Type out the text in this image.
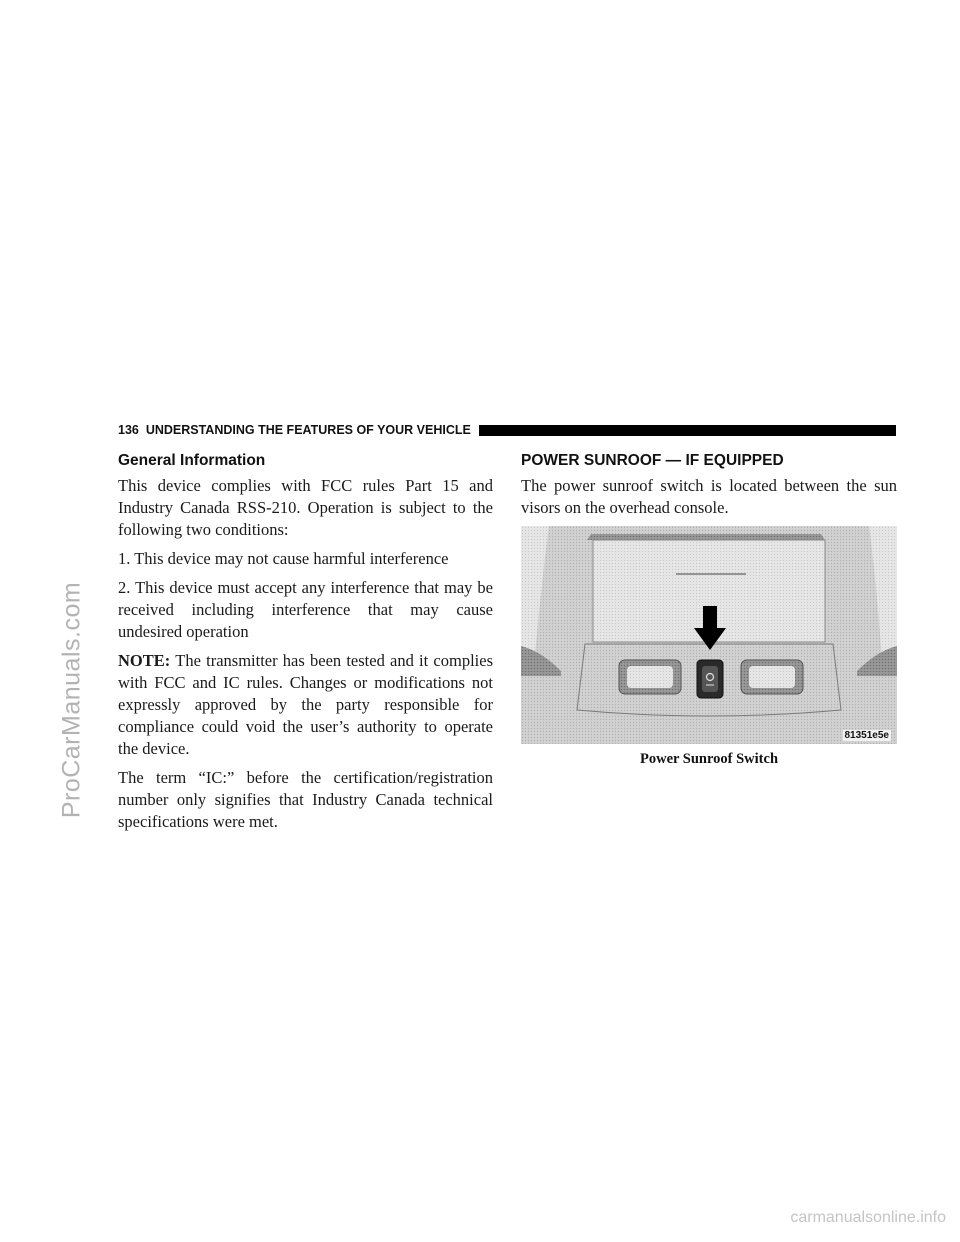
ProCarManuals.com
136 UNDERSTANDING THE FEATURES OF YOUR VEHICLE
General Information

This device complies with FCC rules Part 15 and Industry Canada RSS-210. Operation is subject to the following two conditions:

1. This device may not cause harmful interference

2. This device must accept any interference that may be received including interference that may cause undesired operation

NOTE: The transmitter has been tested and it complies with FCC and IC rules. Changes or modifications not expressly approved by the party responsible for compliance could void the user’s authority to operate the device.

The term “IC:” before the certification/registration number only signifies that Industry Canada technical specifications were met.

POWER SUNROOF — IF EQUIPPED

The power sunroof switch is located between the sun visors on the overhead console.

81351e5e
Power Sunroof Switch
carmanualsonline.info
